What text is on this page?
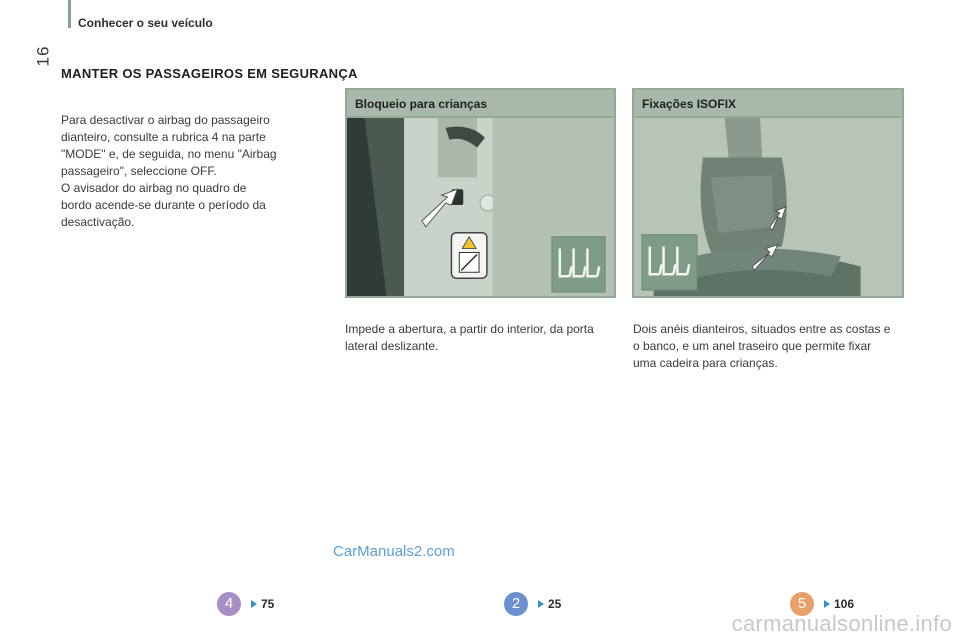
16
Conhecer o seu veículo
MANTER OS PASSAGEIROS EM SEGURANÇA
Para desactivar o airbag do passageiro
dianteiro, consulte a rubrica 4 na parte
"MODE" e, de seguida, no menu "Airbag
passageiro", seleccione OFF.
O avisador do airbag no quadro de
bordo acende-se durante o período da
desactivação.
Bloqueio para crianças	Fixações ISOFIX
Impede a abertura, a partir do interior, da porta lateral deslizante.
Dois anéis dianteiros, situados entre as costas e o banco, e um anel traseiro que permite fixar uma cadeira para crianças.
CarManuals2.com
4	75	2	25	5	106
carmanualsonline.info
